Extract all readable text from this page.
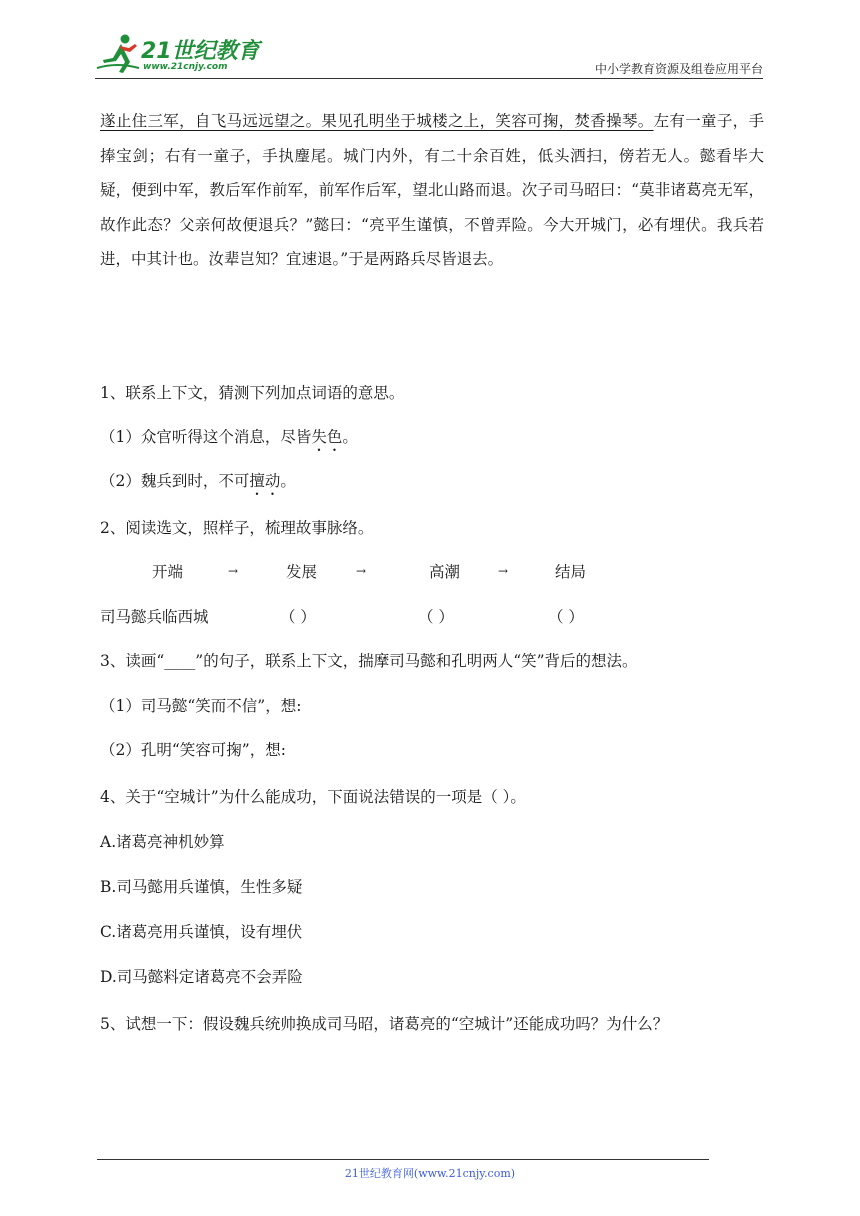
21世纪教育
www.21cnjy.com	中小学教育资源及组卷应用平台

遂止住三军，自飞马远远望之。果见孔明坐于城楼之上，笑容可掬，焚香操琴。左有一童子，手捧宝剑；右有一童子，手执麈尾。城门内外，有二十余百姓，低头洒扫，傍若无人。懿看毕大疑，便到中军，教后军作前军，前军作后军，望北山路而退。次子司马昭曰：“莫非诸葛亮无军，故作此态？父亲何故便退兵？”懿曰：“亮平生谨慎，不曾弄险。今大开城门，必有埋伏。我兵若进，中其计也。汝辈岂知？宜速退。”于是两路兵尽皆退去。

1、联系上下文，猜测下列加点词语的意思。

（1）众官听得这个消息，尽皆失色。

（2）魏兵到时，不可擅动。

2、阅读选文，照样子，梳理故事脉络。

开端	→	发展	→	高潮	→	结局
司马懿兵临西城	（ ）	（ ）	（ ）

3、读画“____”的句子，联系上下文，揣摩司马懿和孔明两人“笑”背后的想法。

（1）司马懿“笑而不信”，想:

（2）孔明“笑容可掬”，想:

4、关于“空城计”为什么能成功，下面说法错误的一项是（ ）。

A.诸葛亮神机妙算

B.司马懿用兵谨慎，生性多疑

C.诸葛亮用兵谨慎，设有埋伏

D.司马懿料定诸葛亮不会弄险

5、试想一下：假设魏兵统帅换成司马昭，诸葛亮的“空城计”还能成功吗？为什么？

21世纪教育网(www.21cnjy.com)
